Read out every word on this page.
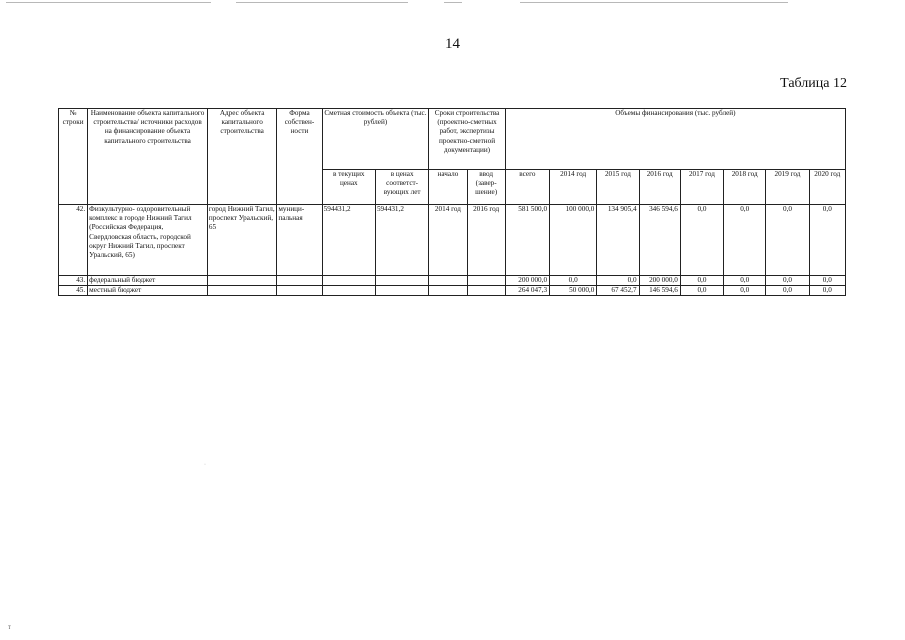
14
Таблица 12
№ строки	Наименование объекта капитального строительства/ источники расходов на финансирование объекта капитального строительства	Адрес объекта капитального строительства	Форма собствен- ности	Сметная стоимость объекта (тыс. рублей)		Сроки строительства (проектно-сметных работ, экспертизы проектно-сметной документации)		Объемы финансирования (тыс. рублей)							
				в текущих ценах	в ценах соответст- вующих лет	начало	ввод (завер- шение)	всего	2014 год	2015 год	2016 год	2017 год	2018 год	2019 год	2020 год
42.	Физкультурно- оздоровительный комплекс в городе Нижний Тагил (Российская Федерация, Свердловская область, городской округ Нижний Тагил, проспект Уральский, 65)	город Нижний Тагил, проспект Уральский, 65	муници- пальная	594431,2	594431,2	2014 год	2016 год	581 500,0	100 000,0	134 905,4	346 594,6	0,0	0,0	0,0	0,0
43.	федеральный бюджет							200 000,0	0,0	0,0	200 000,0	0,0	0,0	0,0	0,0
45.	местный бюджет							264 047,3	50 000,0	67 452,7	146 594,6	0,0	0,0	0,0	0,0
ᵀ
·
